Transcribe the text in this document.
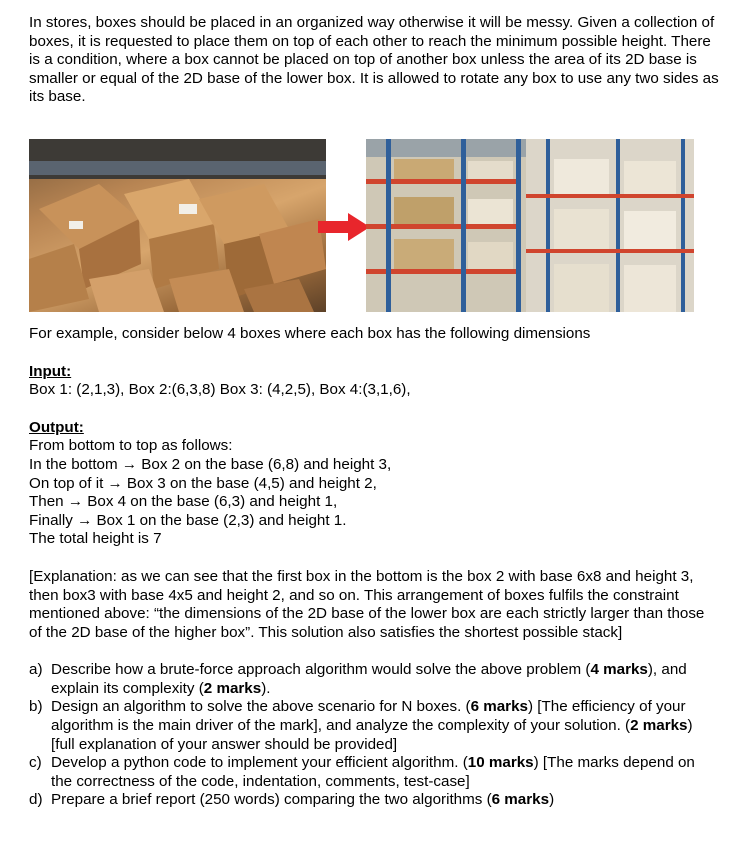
In stores, boxes should be placed in an organized way otherwise it will be messy. Given a collection of boxes, it is requested to place them on top of each other to reach the minimum possible height. There is a condition, where a box cannot be placed on top of another box unless the area of its 2D base is smaller or equal of the 2D base of the lower box. It is allowed to rotate any box to use any two sides as its base.

For example, consider below 4 boxes where each box has the following dimensions

Input:

Box 1: (2,1,3), Box 2:(6,3,8) Box 3: (4,2,5), Box 4:(3,1,6),

Output:

From bottom to top as follows:

In the bottom → Box 2 on the base (6,8) and height 3,

On top of it → Box 3 on the base (4,5) and height 2,

Then → Box 4 on the base (6,3) and height 1,

Finally → Box 1 on the base (2,3) and height 1.

The total height is 7

[Explanation: as we can see that the first box in the bottom is the box 2 with base 6x8 and height 3, then box3 with base 4x5 and height 2, and so on. This arrangement of boxes fulfils the constraint mentioned above: “the dimensions of the 2D base of the lower box are each strictly larger than those of the 2D base of the higher box”. This solution also satisfies the shortest possible stack]

a) Describe how a brute-force approach algorithm would solve the above problem (4 marks), and explain its complexity (2 marks).
b) Design an algorithm to solve the above scenario for N boxes. (6 marks) [The efficiency of your algorithm is the main driver of the mark], and analyze the complexity of your solution. (2 marks) [full explanation of your answer should be provided]
c) Develop a python code to implement your efficient algorithm. (10 marks) [The marks depend on the correctness of the code, indentation, comments, test-case]
d) Prepare a brief report (250 words) comparing the two algorithms (6 marks)
